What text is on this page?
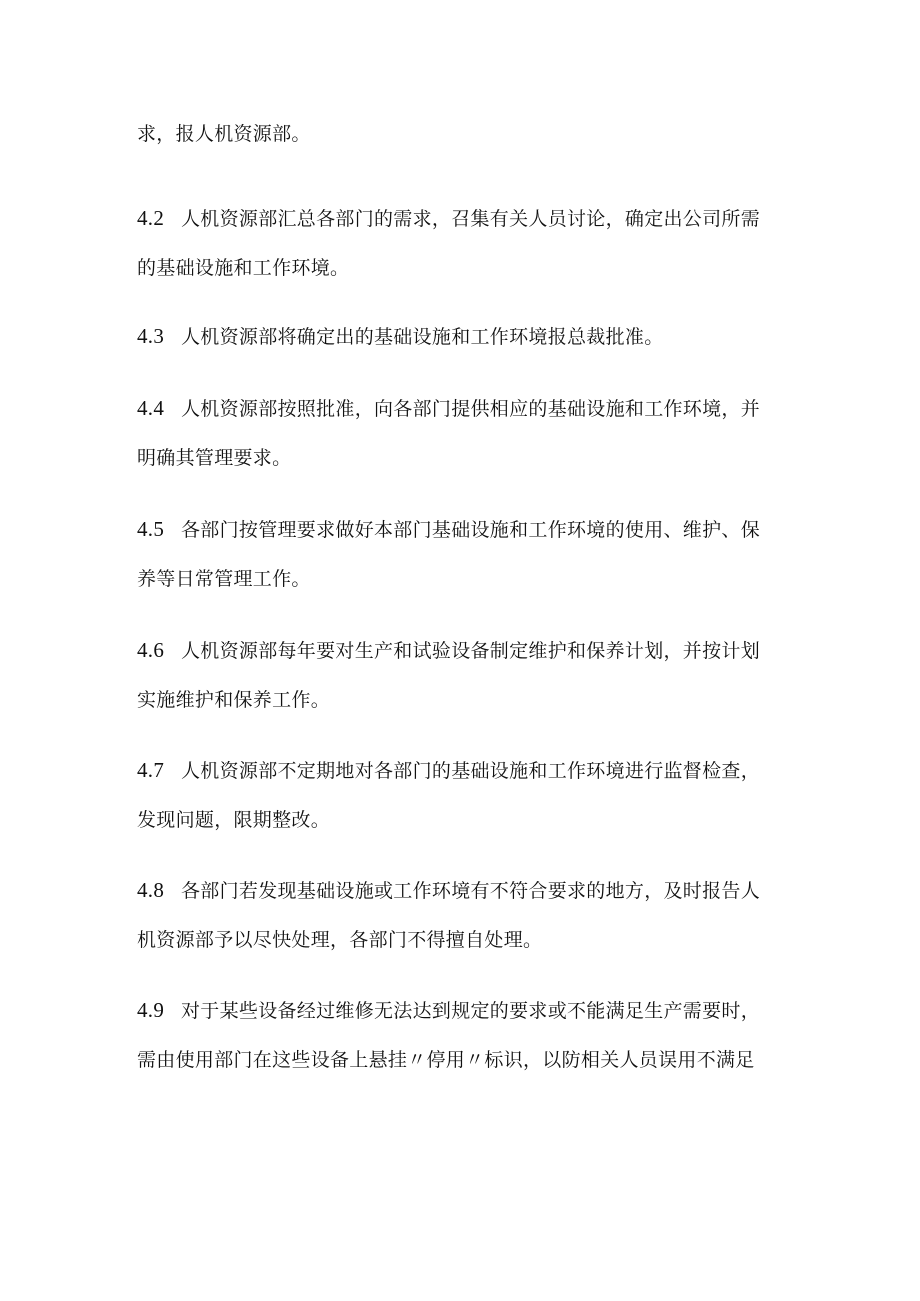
求，报人机资源部。
4.2 人机资源部汇总各部门的需求，召集有关人员讨论，确定出公司所需
的基础设施和工作环境。
4.3 人机资源部将确定出的基础设施和工作环境报总裁批准。
4.4 人机资源部按照批准，向各部门提供相应的基础设施和工作环境，并
明确其管理要求。
4.5 各部门按管理要求做好本部门基础设施和工作环境的使用、维护、保
养等日常管理工作。
4.6 人机资源部每年要对生产和试验设备制定维护和保养计划，并按计划
实施维护和保养工作。
4.7 人机资源部不定期地对各部门的基础设施和工作环境进行监督检查，
发现问题，限期整改。
4.8 各部门若发现基础设施或工作环境有不符合要求的地方，及时报告人
机资源部予以尽快处理，各部门不得擅自处理。
4.9 对于某些设备经过维修无法达到规定的要求或不能满足生产需要时，
需由使用部门在这些设备上悬挂〃停用〃标识，以防相关人员误用不满足
